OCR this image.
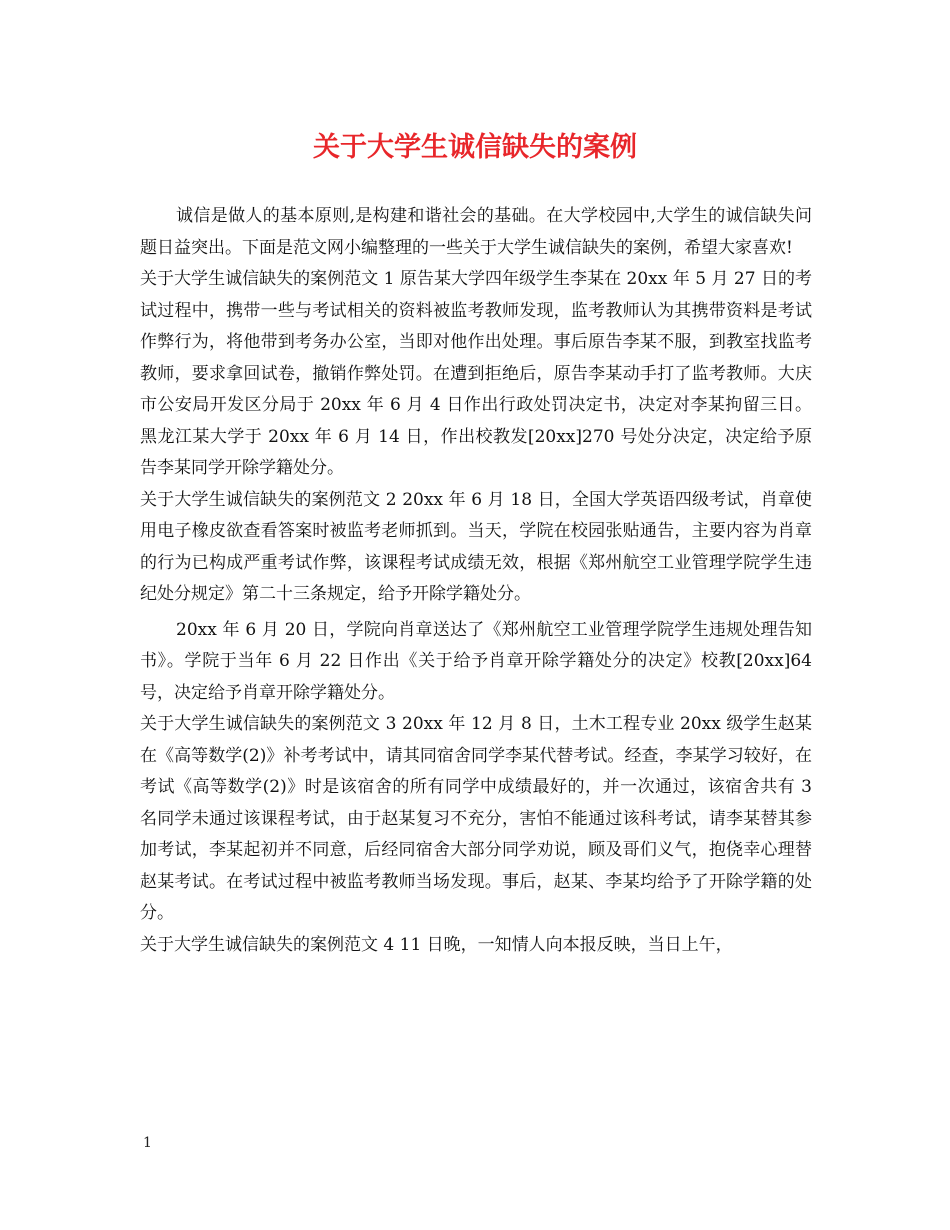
关于大学生诚信缺失的案例

诚信是做人的基本原则,是构建和谐社会的基础。在大学校园中,大学生的诚信缺失问题日益突出。下面是范文网小编整理的一些关于大学生诚信缺失的案例，希望大家喜欢!

关于大学生诚信缺失的案例范文 1 原告某大学四年级学生李某在 20xx 年 5 月 27 日的考试过程中，携带一些与考试相关的资料被监考教师发现，监考教师认为其携带资料是考试作弊行为，将他带到考务办公室，当即对他作出处理。事后原告李某不服，到教室找监考教师，要求拿回试卷，撤销作弊处罚。在遭到拒绝后，原告李某动手打了监考教师。大庆市公安局开发区分局于 20xx 年 6 月 4 日作出行政处罚决定书，决定对李某拘留三日。黑龙江某大学于 20xx 年 6 月 14 日，作出校教发[20xx]270 号处分决定，决定给予原告李某同学开除学籍处分。

关于大学生诚信缺失的案例范文 2 20xx 年 6 月 18 日，全国大学英语四级考试，肖章使用电子橡皮欲查看答案时被监考老师抓到。当天，学院在校园张贴通告，主要内容为肖章的行为已构成严重考试作弊，该课程考试成绩无效，根据《郑州航空工业管理学院学生违纪处分规定》第二十三条规定，给予开除学籍处分。

20xx 年 6 月 20 日，学院向肖章送达了《郑州航空工业管理学院学生违规处理告知书》。学院于当年 6 月 22 日作出《关于给予肖章开除学籍处分的决定》校教[20xx]64 号，决定给予肖章开除学籍处分。

关于大学生诚信缺失的案例范文 3 20xx 年 12 月 8 日，土木工程专业 20xx 级学生赵某在《高等数学(2)》补考考试中，请其同宿舍同学李某代替考试。经查，李某学习较好，在考试《高等数学(2)》时是该宿舍的所有同学中成绩最好的，并一次通过，该宿舍共有 3 名同学未通过该课程考试，由于赵某复习不充分，害怕不能通过该科考试，请李某替其参加考试，李某起初并不同意，后经同宿舍大部分同学劝说，顾及哥们义气，抱侥幸心理替赵某考试。在考试过程中被监考教师当场发现。事后，赵某、李某均给予了开除学籍的处分。

关于大学生诚信缺失的案例范文 4 11 日晚，一知情人向本报反映，当日上午，

1
